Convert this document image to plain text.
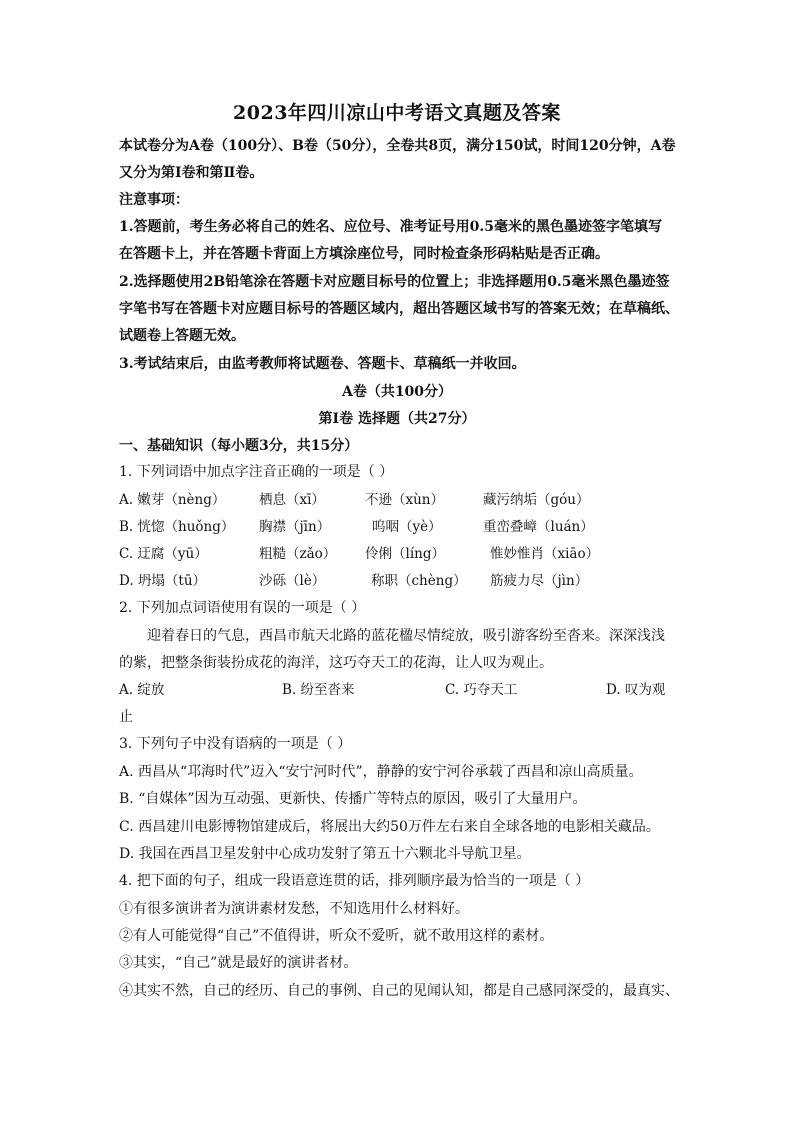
2023年四川凉山中考语文真题及答案
本试卷分为A卷（100分）、B卷（50分），全卷共8页，满分150试，时间120分钟，A卷
又分为第Ⅰ卷和第Ⅱ卷。
注意事项：
1.答题前，考生务必将自己的姓名、应位号、准考证号用0.5毫米的黑色墨迹签字笔填写
在答题卡上，并在答题卡背面上方填涂座位号，同时检查条形码粘贴是否正确。
2.选择题使用2B铅笔涂在答题卡对应题目标号的位置上；非选择题用0.5毫米黑色墨迹签
字笔书写在答题卡对应题目标号的答题区域内，超出答题区域书写的答案无效；在草稿纸、
试题卷上答题无效。
3.考试结束后，由监考教师将试题卷、答题卡、草稿纸一并收回。
A卷（共100分）
第Ⅰ卷 选择题（共27分）
一、基础知识（每小题3分，共15分）
1. 下列词语中加点字注音正确的一项是（ ）
A. 嫩芽（nèng） 栖息（xī）	不逊（xùn）	藏污纳垢（góu）
B. 恍惚（huǒng） 胸襟（jīn）	呜咽（yè）	重峦叠嶂（luán）
C. 迂腐（yū）	粗糙（zǎo） 伶俐（líng）	惟妙惟肖（xiāo）
D. 坍塌（tū）	沙砾（lè）	称职（chèng） 筋疲力尽（jìn）
2. 下列加点词语使用有误的一项是（ ）
迎着春日的气息，西昌市航天北路的蓝花楹尽情绽放，吸引游客纷至沓来。深深浅浅
的紫，把整条街装扮成花的海洋，这巧夺天工的花海，让人叹为观止。
A. 绽放	B. 纷至沓来	C. 巧夺天工	D. 叹为观
止
3. 下列句子中没有语病的一项是（ ）
A. 西昌从“邛海时代”迈入“安宁河时代”，静静的安宁河谷承载了西昌和凉山高质量。
B. “自媒体”因为互动强、更新快、传播广等特点的原因，吸引了大量用户。
C. 西昌建川电影博物馆建成后，将展出大约50万件左右来自全球各地的电影相关藏品。
D. 我国在西昌卫星发射中心成功发射了第五十六颗北斗导航卫星。
4. 把下面的句子，组成一段语意连贯的话，排列顺序最为恰当的一项是（ ）
①有很多演讲者为演讲素材发愁，不知选用什么材料好。
②有人可能觉得“自己”不值得讲，听众不爱听，就不敢用这样的素材。
③其实，“自己”就是最好的演讲者材。
④其实不然，自己的经历、自己的事例、自己的见闻认知，都是自己感同深受的，最真实、
